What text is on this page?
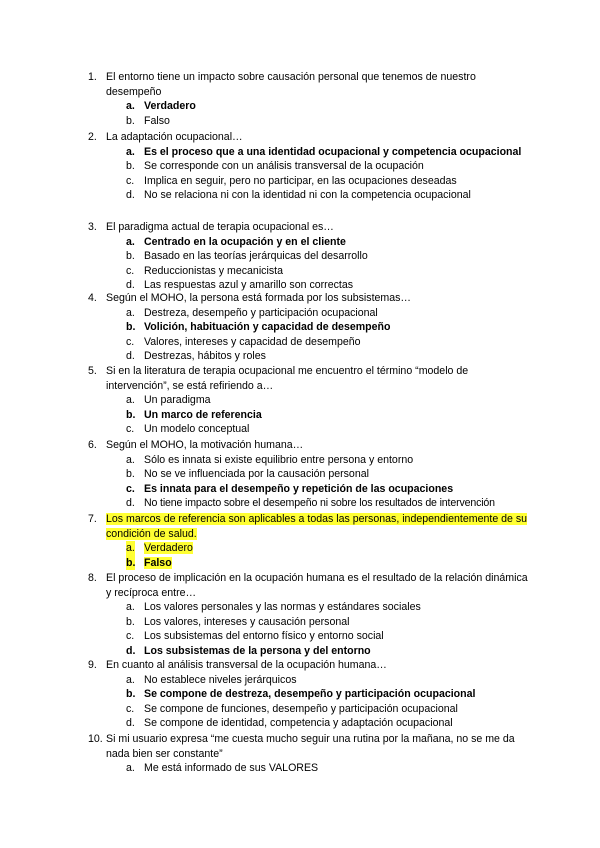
1. El entorno tiene un impacto sobre causación personal que tenemos de nuestro desempeño
a. Verdadero
b. Falso
2. La adaptación ocupacional…
a. Es el proceso que a una identidad ocupacional y competencia ocupacional
b. Se corresponde con un análisis transversal de la ocupación
c. Implica en seguir, pero no participar, en las ocupaciones deseadas
d. No se relaciona ni con la identidad ni con la competencia ocupacional
3. El paradigma actual de terapia ocupacional es…
a. Centrado en la ocupación y en el cliente
b. Basado en las teorías jerárquicas del desarrollo
c. Reduccionistas y mecanicista
d. Las respuestas azul y amarillo son correctas
4. Según el MOHO, la persona está formada por los subsistemas…
a. Destreza, desempeño y participación ocupacional
b. Volición, habituación y capacidad de desempeño
c. Valores, intereses y capacidad de desempeño
d. Destrezas, hábitos y roles
5. Si en la literatura de terapia ocupacional me encuentro el término “modelo de intervención”, se está refiriendo a…
a. Un paradigma
b. Un marco de referencia
c. Un modelo conceptual
6. Según el MOHO, la motivación humana…
a. Sólo es innata si existe equilibrio entre persona y entorno
b. No se ve influenciada por la causación personal
c. Es innata para el desempeño y repetición de las ocupaciones
d. No tiene impacto sobre el desempeño ni sobre los resultados de intervención
7. Los marcos de referencia son aplicables a todas las personas, independientemente de su condición de salud.
a. Verdadero
b. Falso
8. El proceso de implicación en la ocupación humana es el resultado de la relación dinámica y recíproca entre…
a. Los valores personales y las normas y estándares sociales
b. Los valores, intereses y causación personal
c. Los subsistemas del entorno físico y entorno social
d. Los subsistemas de la persona y del entorno
9. En cuanto al análisis transversal de la ocupación humana…
a. No establece niveles jerárquicos
b. Se compone de destreza, desempeño y participación ocupacional
c. Se compone de funciones, desempeño y participación ocupacional
d. Se compone de identidad, competencia y adaptación ocupacional
10. Si mi usuario expresa “me cuesta mucho seguir una rutina por la mañana, no se me da nada bien ser constante”
a. Me está informado de sus VALORES
